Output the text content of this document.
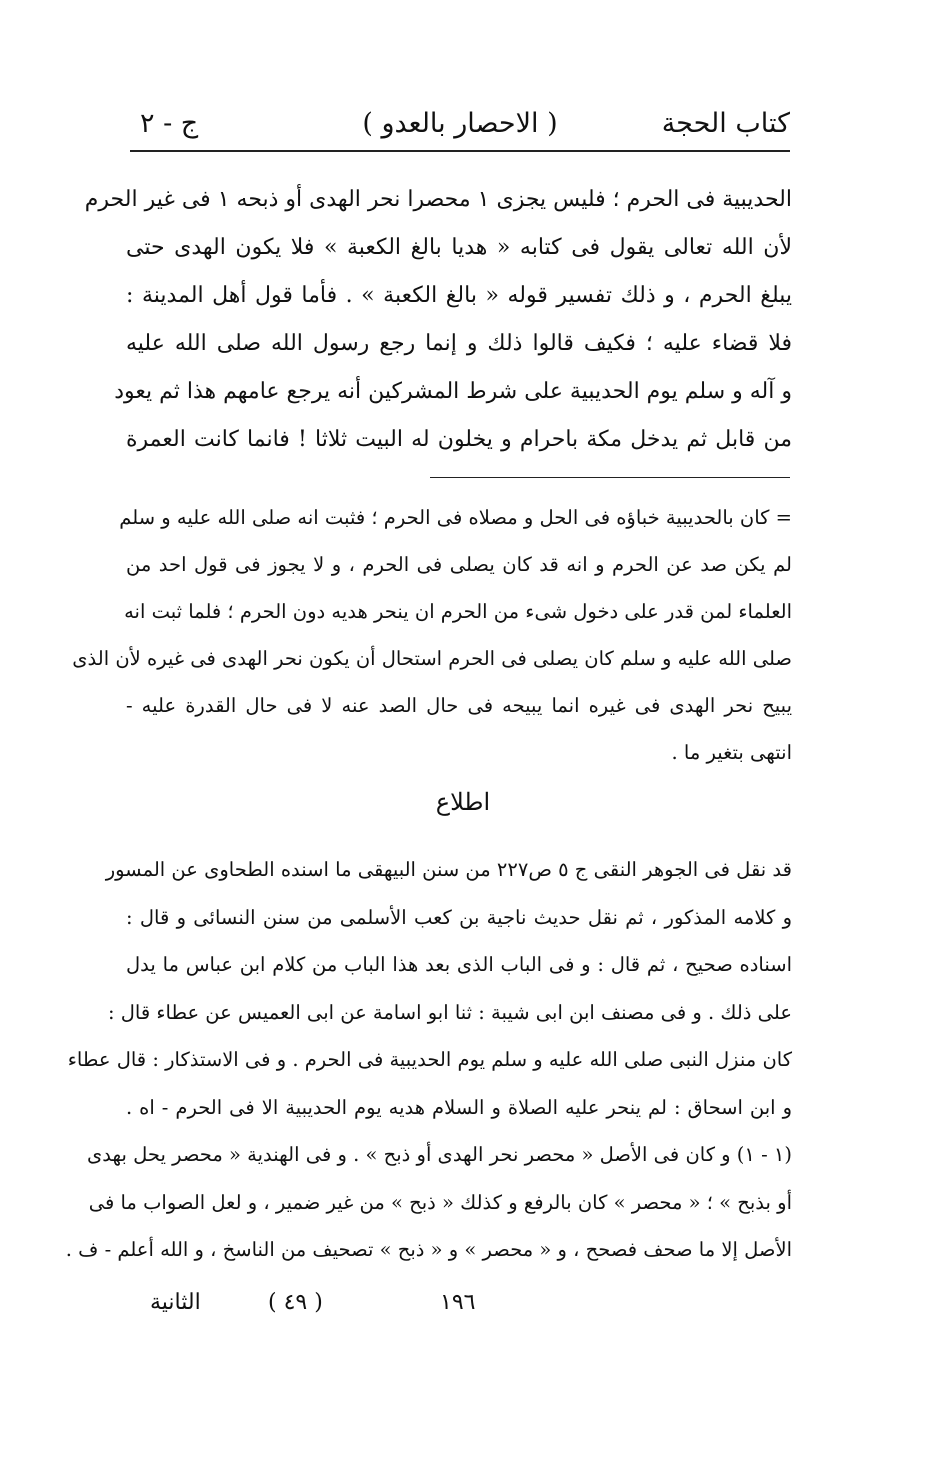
كتاب الحجة
( الاحصار بالعدو )
ج - ٢
الحديبية فى الحرم ؛ فليس يجزى ١ محصرا نحر الهدى أو ذبحه ١ فى غير الحرم
لأن الله تعالى يقول فى كتابه « هديا بالغ الكعبة » فلا يكون الهدى حتى
يبلغ الحرم ، و ذلك تفسير قوله « بالغ الكعبة » . فأما قول أهل المدينة :
فلا قضاء عليه ؛ فكيف قالوا ذلك و إنما رجع رسول الله صلى الله عليه
و آله و سلم يوم الحديبية على شرط المشركين أنه يرجع عامهم هذا ثم يعود
من قابل ثم يدخل مكة باحرام و يخلون له البيت ثلاثا ! فانما كانت العمرة
= كان بالحديبية خباؤه فى الحل و مصلاه فى الحرم ؛ فثبت انه صلى الله عليه و سلم
لم يكن صد عن الحرم و انه قد كان يصلى فى الحرم ، و لا يجوز فى قول احد من
العلماء لمن قدر على دخول شىء من الحرم ان ينحر هديه دون الحرم ؛ فلما ثبت انه
صلى الله عليه و سلم كان يصلى فى الحرم استحال أن يكون نحر الهدى فى غيره لأن الذى
يبيح نحر الهدى فى غيره انما يبيحه فى حال الصد عنه لا فى حال القدرة عليه -
انتهى بتغير ما .
اطلاع
قد نقل فى الجوهر النقى ج ٥ ص٢٢٧ من سنن البيهقى ما اسنده الطحاوى عن المسور
و كلامه المذكور ، ثم نقل حديث ناجية بن كعب الأسلمى من سنن النسائى و قال :
اسناده صحيح ، ثم قال : و فى الباب الذى بعد هذا الباب من كلام ابن عباس ما يدل
على ذلك . و فى مصنف ابن ابى شيبة : ثنا ابو اسامة عن ابى العميس عن عطاء قال :
كان منزل النبى صلى الله عليه و سلم يوم الحديبية فى الحرم . و فى الاستذكار : قال عطاء
و ابن اسحاق : لم ينحر عليه الصلاة و السلام هديه يوم الحديبية الا فى الحرم - اه .
(١ - ١) و كان فى الأصل « محصر نحر الهدى أو ذبح » . و فى الهندية « محصر يحل بهدى
أو بذبح » ؛ « محصر » كان بالرفع و كذلك « ذبح » من غير ضمير ، و لعل الصواب ما فى
الأصل إلا ما صحف فصحح ، و « محصر » و « ذبح » تصحيف من الناسخ ، و الله أعلم - ف .
١٩٦
( ٤٩ )
الثانية
